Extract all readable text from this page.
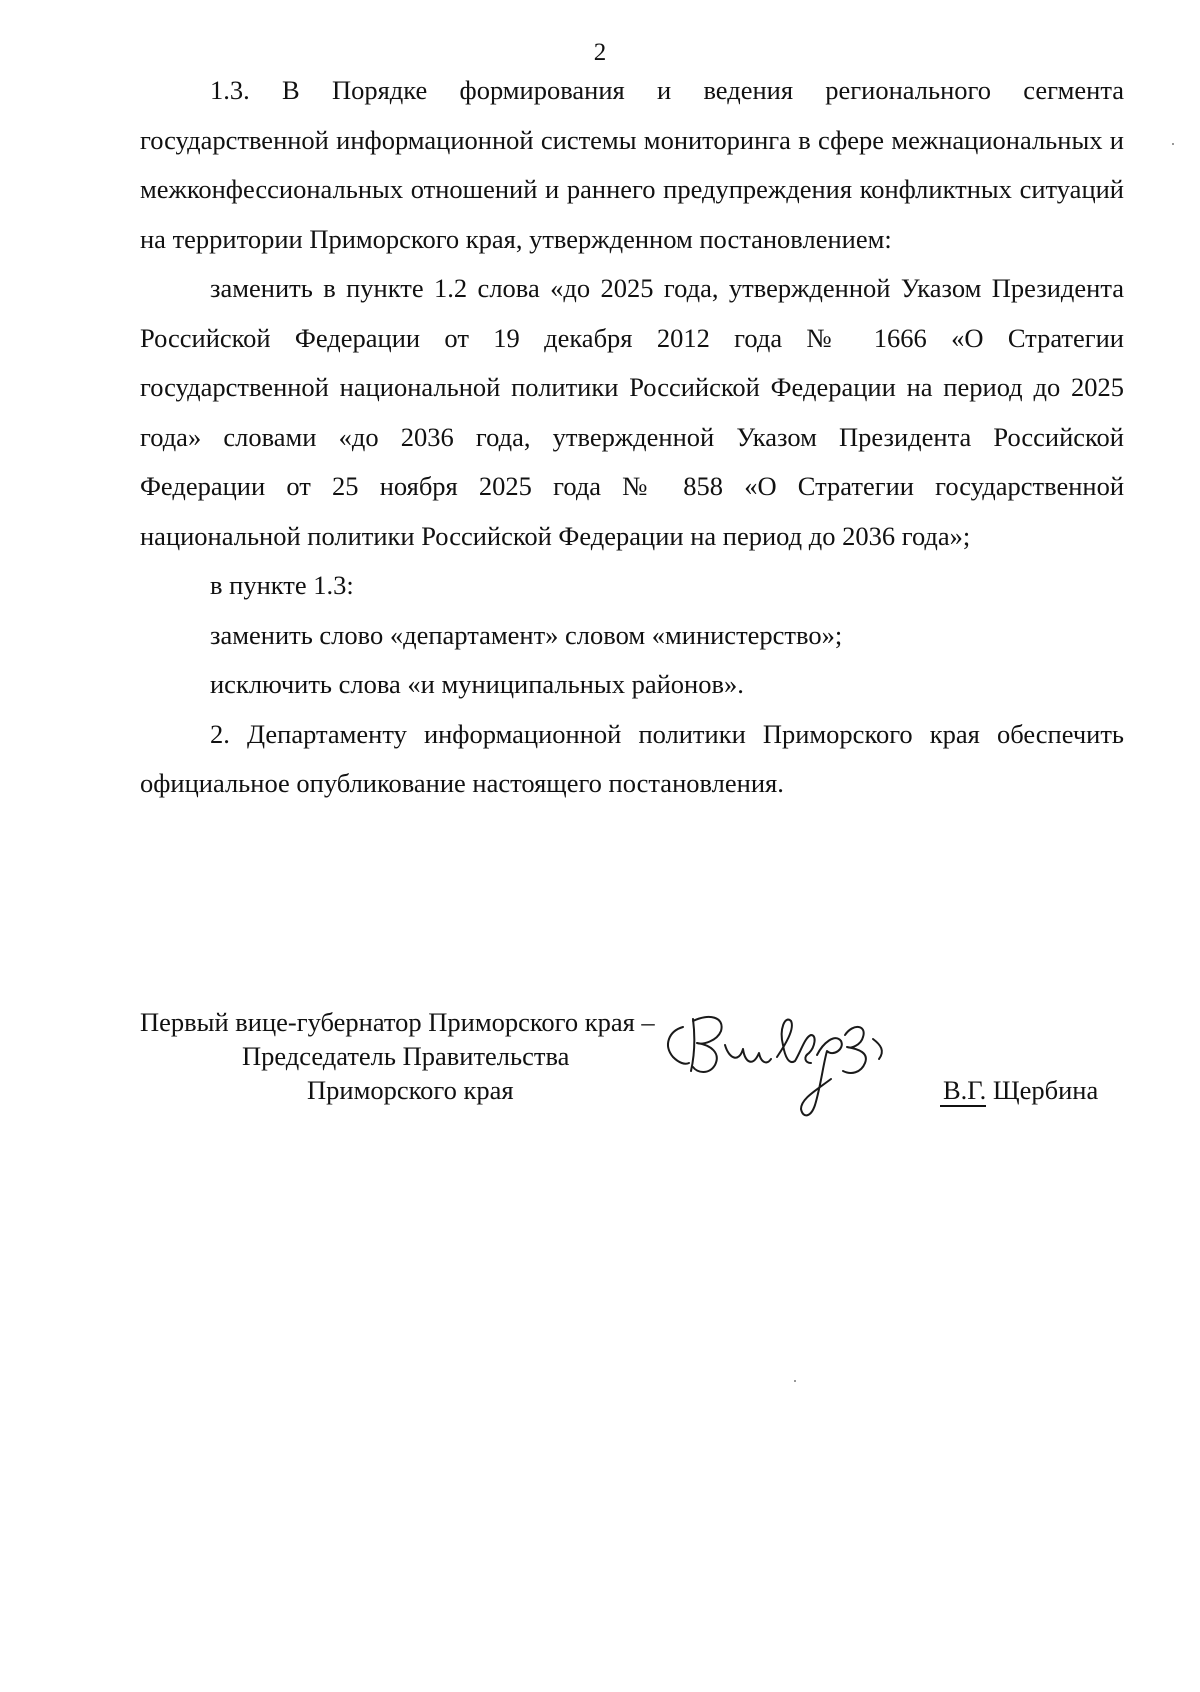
2

1.3. В Порядке формирования и ведения регионального сегмента государственной информационной системы мониторинга в сфере межнациональных и межконфессиональных отношений и раннего предупреждения конфликтных ситуаций на территории Приморского края, утвержденном постановлением:

заменить в пункте 1.2 слова «до 2025 года, утвержденной Указом Президента Российской Федерации от 19 декабря 2012 года № 1666 «О Стратегии государственной национальной политики Российской Федерации на период до 2025 года» словами «до 2036 года, утвержденной Указом Президента Российской Федерации от 25 ноября 2025 года № 858 «О Стратегии государственной национальной политики Российской Федерации на период до 2036 года»;

в пункте 1.3:

заменить слово «департамент» словом «министерство»;

исключить слова «и муниципальных районов».

2. Департаменту информационной политики Приморского края обеспечить официальное опубликование настоящего постановления.

Первый вице-губернатор Приморского края –
Председатель Правительства
Приморского края	В.Г. Щербина
